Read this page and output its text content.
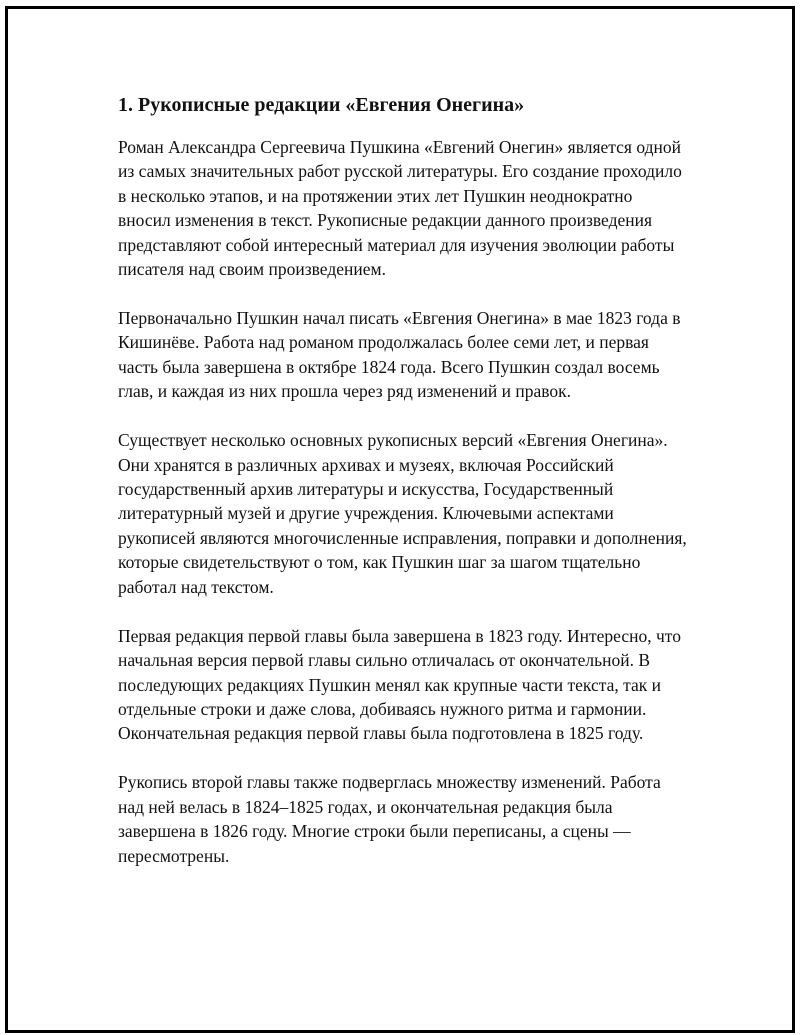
1. Рукописные редакции «Евгения Онегина»

Роман Александра Сергеевича Пушкина «Евгений Онегин» является одной из самых значительных работ русской литературы. Его создание проходило в несколько этапов, и на протяжении этих лет Пушкин неоднократно вносил изменения в текст. Рукописные редакции данного произведения представляют собой интересный материал для изучения эволюции работы писателя над своим произведением.

Первоначально Пушкин начал писать «Евгения Онегина» в мае 1823 года в Кишинёве. Работа над романом продолжалась более семи лет, и первая часть была завершена в октябре 1824 года. Всего Пушкин создал восемь глав, и каждая из них прошла через ряд изменений и правок.

Существует несколько основных рукописных версий «Евгения Онегина». Они хранятся в различных архивах и музеях, включая Российский государственный архив литературы и искусства, Государственный литературный музей и другие учреждения. Ключевыми аспектами рукописей являются многочисленные исправления, поправки и дополнения, которые свидетельствуют о том, как Пушкин шаг за шагом тщательно работал над текстом.

Первая редакция первой главы была завершена в 1823 году. Интересно, что начальная версия первой главы сильно отличалась от окончательной. В последующих редакциях Пушкин менял как крупные части текста, так и отдельные строки и даже слова, добиваясь нужного ритма и гармонии. Окончательная редакция первой главы была подготовлена в 1825 году.

Рукопись второй главы также подверглась множеству изменений. Работа над ней велась в 1824–1825 годах, и окончательная редакция была завершена в 1826 году. Многие строки были переписаны, а сцены — пересмотрены.
